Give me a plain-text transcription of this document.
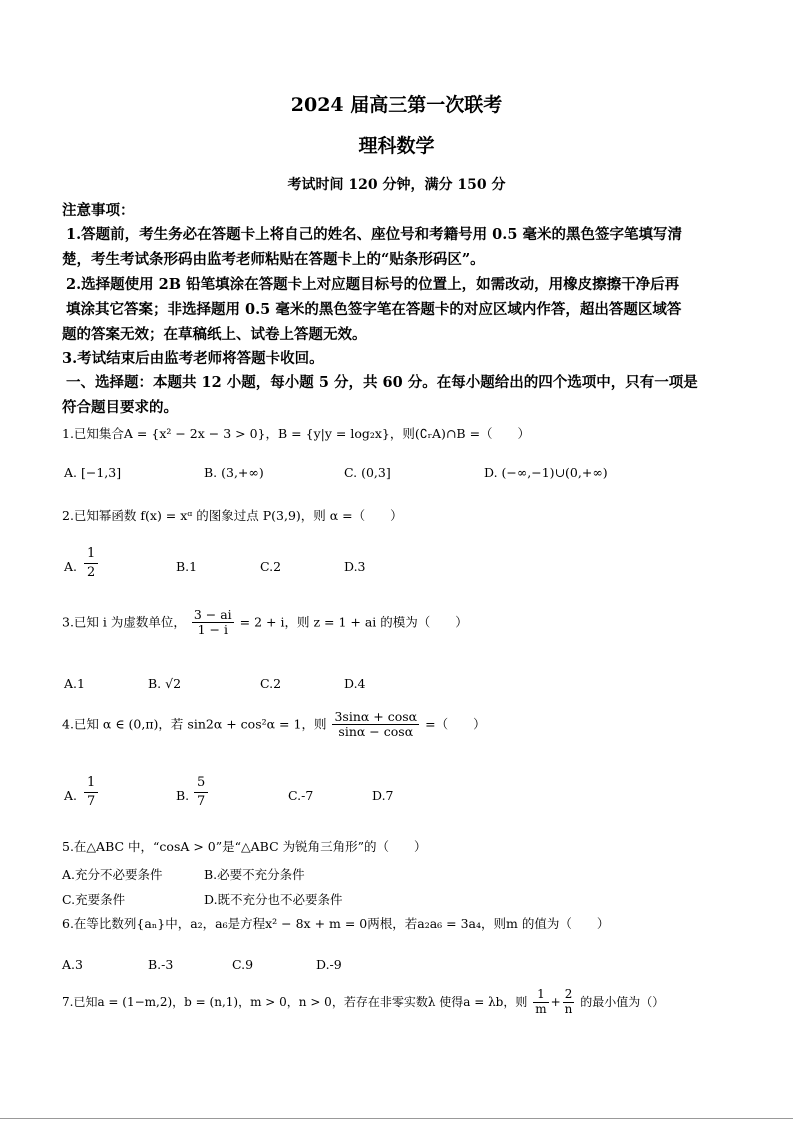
2024 届高三第一次联考
理科数学
考试时间 120 分钟，满分 150 分
注意事项：
1.答题前，考生务必在答题卡上将自己的姓名、座位号和考籍号用 0.5 毫米的黑色签字笔填写清
楚，考生考试条形码由监考老师粘贴在答题卡上的“贴条形码区”。
2.选择题使用 2B 铅笔填涂在答题卡上对应题目标号的位置上，如需改动，用橡皮擦擦干净后再
填涂其它答案；非选择题用 0.5 毫米的黑色签字笔在答题卡的对应区域内作答，超出答题区域答
题的答案无效；在草稿纸上、试卷上答题无效。
3.考试结束后由监考老师将答题卡收回。
一、选择题：本题共 12 小题，每小题 5 分，共 60 分。在每小题给出的四个选项中，只有一项是
符合题目要求的。
1.已知集合A = {x² − 2x − 3 > 0}，B = {y|y = log₂x}，则(∁ᵣA)∩B =（　　）
A. [−1,3]	B. (3,+∞)	C. (0,3]	D. (−∞,−1)∪(0,+∞)
2.已知幂函数 f(x) = xᵅ 的图象过点 P(3,9)，则 α =（　　）
A. $\frac{1}{2}$	B.1	C.2	D.3
3.已知 i 为虚数单位， $\frac{3 - ai}{1 - i} = 2 + i$，则 z = 1 + ai 的模为（　　）
A.1	B. √2	C.2	D.4
4.已知 α ∈ (0,π)，若 sin2α + cos²α = 1，则 $\frac{3\sin\alpha + \cos\alpha}{\sin\alpha - \cos\alpha}$ =（　　）
A. $\frac{1}{7}$	B. $\frac{5}{7}$	C.-7	D.7
5.在△ABC 中，“cosA > 0”是“△ABC 为锐角三角形”的（　　）
A.充分不必要条件	B.必要不充分条件
C.充要条件	D.既不充分也不必要条件
6.在等比数列{aₙ}中，a₂，a₆是方程x² − 8x + m = 0两根，若a₂a₆ = 3a₄，则m 的值为（　　）
A.3	B.-3	C.9	D.-9
7.已知a = (1−m,2)，b = (n,1)，m > 0，n > 0，若存在非零实数λ 使得a = λb，则 $\frac{1}{m} + \frac{2}{n}$ 的最小值为（）
